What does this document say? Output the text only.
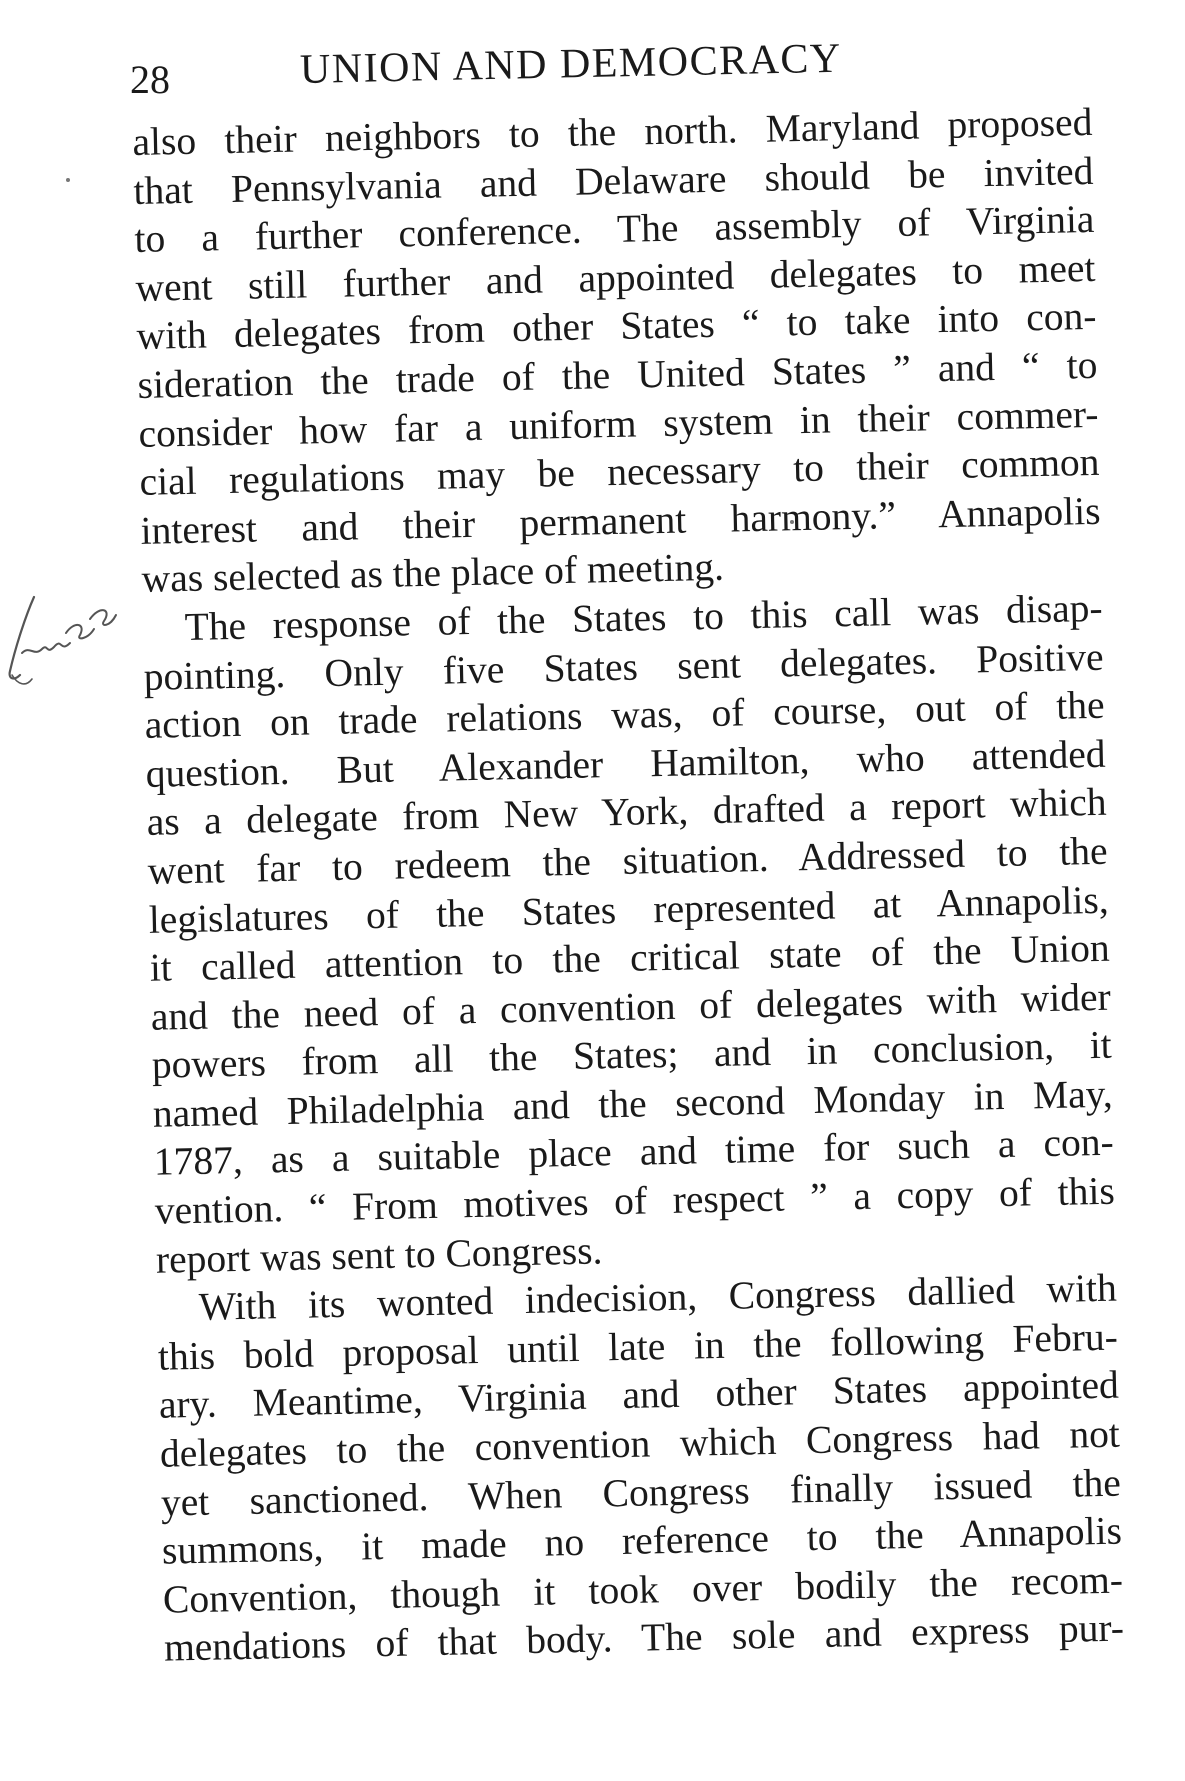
28	UNION AND DEMOCRACY
also their neighbors to the north. Maryland proposed
that Pennsylvania and Delaware should be invited
to a further conference. The assembly of Virginia
went still further and appointed delegates to meet
with delegates from other States “ to take into con-
sideration the trade of the United States ” and “ to
consider how far a uniform system in their commer-
cial regulations may be necessary to their common
interest and their permanent harmony.” Annapolis
was selected as the place of meeting.
The response of the States to this call was disap-
pointing. Only five States sent delegates. Positive
action on trade relations was, of course, out of the
question. But Alexander Hamilton, who attended
as a delegate from New York, drafted a report which
went far to redeem the situation. Addressed to the
legislatures of the States represented at Annapolis,
it called attention to the critical state of the Union
and the need of a convention of delegates with wider
powers from all the States; and in conclusion, it
named Philadelphia and the second Monday in May,
1787, as a suitable place and time for such a con-
vention. “ From motives of respect ” a copy of this
report was sent to Congress.
With its wonted indecision, Congress dallied with
this bold proposal until late in the following Febru-
ary. Meantime, Virginia and other States appointed
delegates to the convention which Congress had not
yet sanctioned. When Congress finally issued the
summons, it made no reference to the Annapolis
Convention, though it took over bodily the recom-
mendations of that body. The sole and express pur-
